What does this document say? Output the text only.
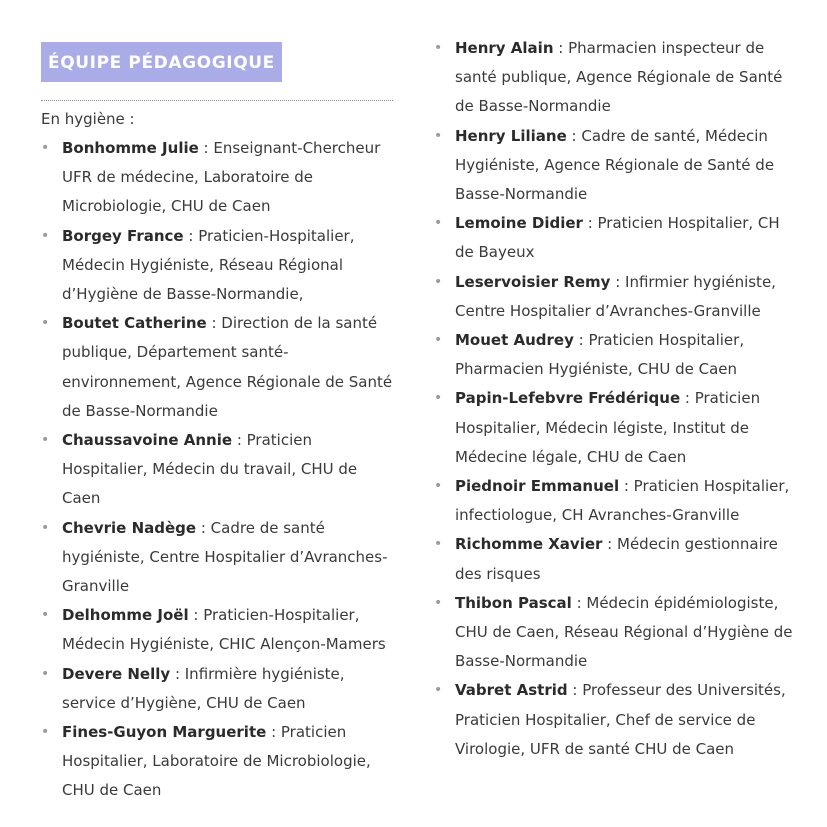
ÉQUIPE PÉDAGOGIQUE
En hygiène :
• Bonhomme Julie : Enseignant-Chercheur UFR de médecine, Laboratoire de Microbiologie, CHU de Caen
• Borgey France : Praticien-Hospitalier, Médecin Hygiéniste, Réseau Régional d’Hygiène de Basse-Normandie,
• Boutet Catherine : Direction de la santé publique, Département santé-environnement, Agence Régionale de Santé de Basse-Normandie
• Chaussavoine Annie : Praticien Hospitalier, Médecin du travail, CHU de Caen
• Chevrie Nadège : Cadre de santé hygiéniste, Centre Hospitalier d’Avranches-Granville
• Delhomme Joël : Praticien-Hospitalier, Médecin Hygiéniste, CHIC Alençon-Mamers
• Devere Nelly : Infirmière hygiéniste, service d’Hygiène, CHU de Caen
• Fines-Guyon Marguerite : Praticien Hospitalier, Laboratoire de Microbiologie, CHU de Caen
• Henry Alain : Pharmacien inspecteur de santé publique, Agence Régionale de Santé de Basse-Normandie
• Henry Liliane : Cadre de santé, Médecin Hygiéniste, Agence Régionale de Santé de Basse-Normandie
• Lemoine Didier : Praticien Hospitalier, CH de Bayeux
• Leservoisier Remy : Infirmier hygiéniste, Centre Hospitalier d’Avranches-Granville
• Mouet Audrey : Praticien Hospitalier, Pharmacien Hygiéniste, CHU de Caen
• Papin-Lefebvre Frédérique : Praticien Hospitalier, Médecin légiste, Institut de Médecine légale, CHU de Caen
• Piednoir Emmanuel : Praticien Hospitalier, infectiologue, CH Avranches-Granville
• Richomme Xavier : Médecin gestionnaire des risques
• Thibon Pascal : Médecin épidémiologiste, CHU de Caen, Réseau Régional d’Hygiène de Basse-Normandie
• Vabret Astrid : Professeur des Universités, Praticien Hospitalier, Chef de service de Virologie, UFR de santé CHU de Caen
